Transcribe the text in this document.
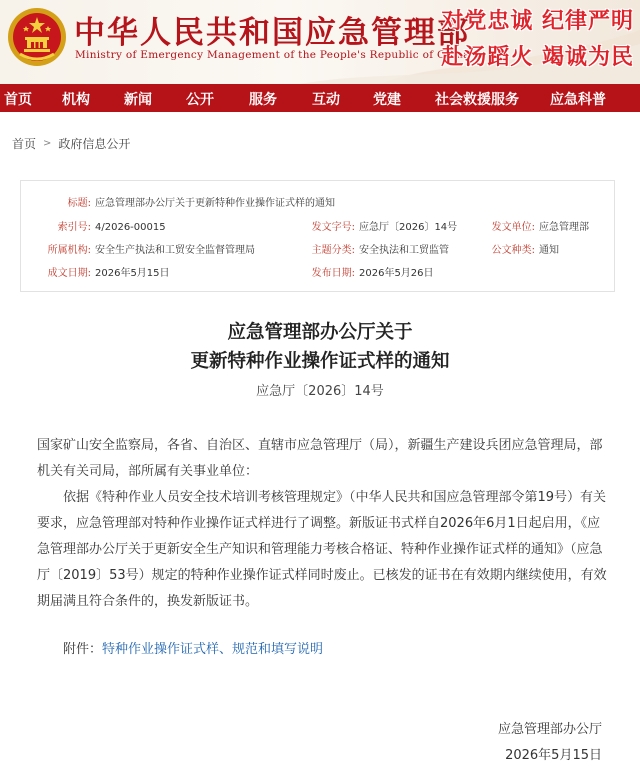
中华人民共和国应急管理部
Ministry of Emergency Management of the People's Republic of China
对党忠诚 纪律严明
赴汤蹈火 竭诚为民
首页 机构 新闻 公开	服务	互动 党建 社会救援服务 应急科普
首页 > 政府信息公开
标题: 应急管理部办公厅关于更新特种作业操作证式样的通知
索引号: 4/2026-00015	发文字号: 应急厅〔2026〕14号	发文单位: 应急管理部
所属机构: 安全生产执法和工贸安全监督管理局	主题分类: 安全执法和工贸监管	公文种类: 通知
成文日期: 2026年5月15日	发布日期: 2026年5月26日
应急管理部办公厅关于
更新特种作业操作证式样的通知
应急厅〔2026〕14号
国家矿山安全监察局，各省、自治区、直辖市应急管理厅（局），新疆生产建设兵团应急管理局，部机关有关司局，部所属有关事业单位：
依据《特种作业人员安全技术培训考核管理规定》（中华人民共和国应急管理部令第19号）有关要求，应急管理部对特种作业操作证式样进行了调整。新版证书式样自2026年6月1日起启用，《应急管理部办公厅关于更新安全生产知识和管理能力考核合格证、特种作业操作证式样的通知》（应急厅〔2019〕53号）规定的特种作业操作证式样同时废止。已核发的证书在有效期内继续使用，有效期届满且符合条件的，换发新版证书。
附件：特种作业操作证式样、规范和填写说明
应急管理部办公厅
2026年5月15日
